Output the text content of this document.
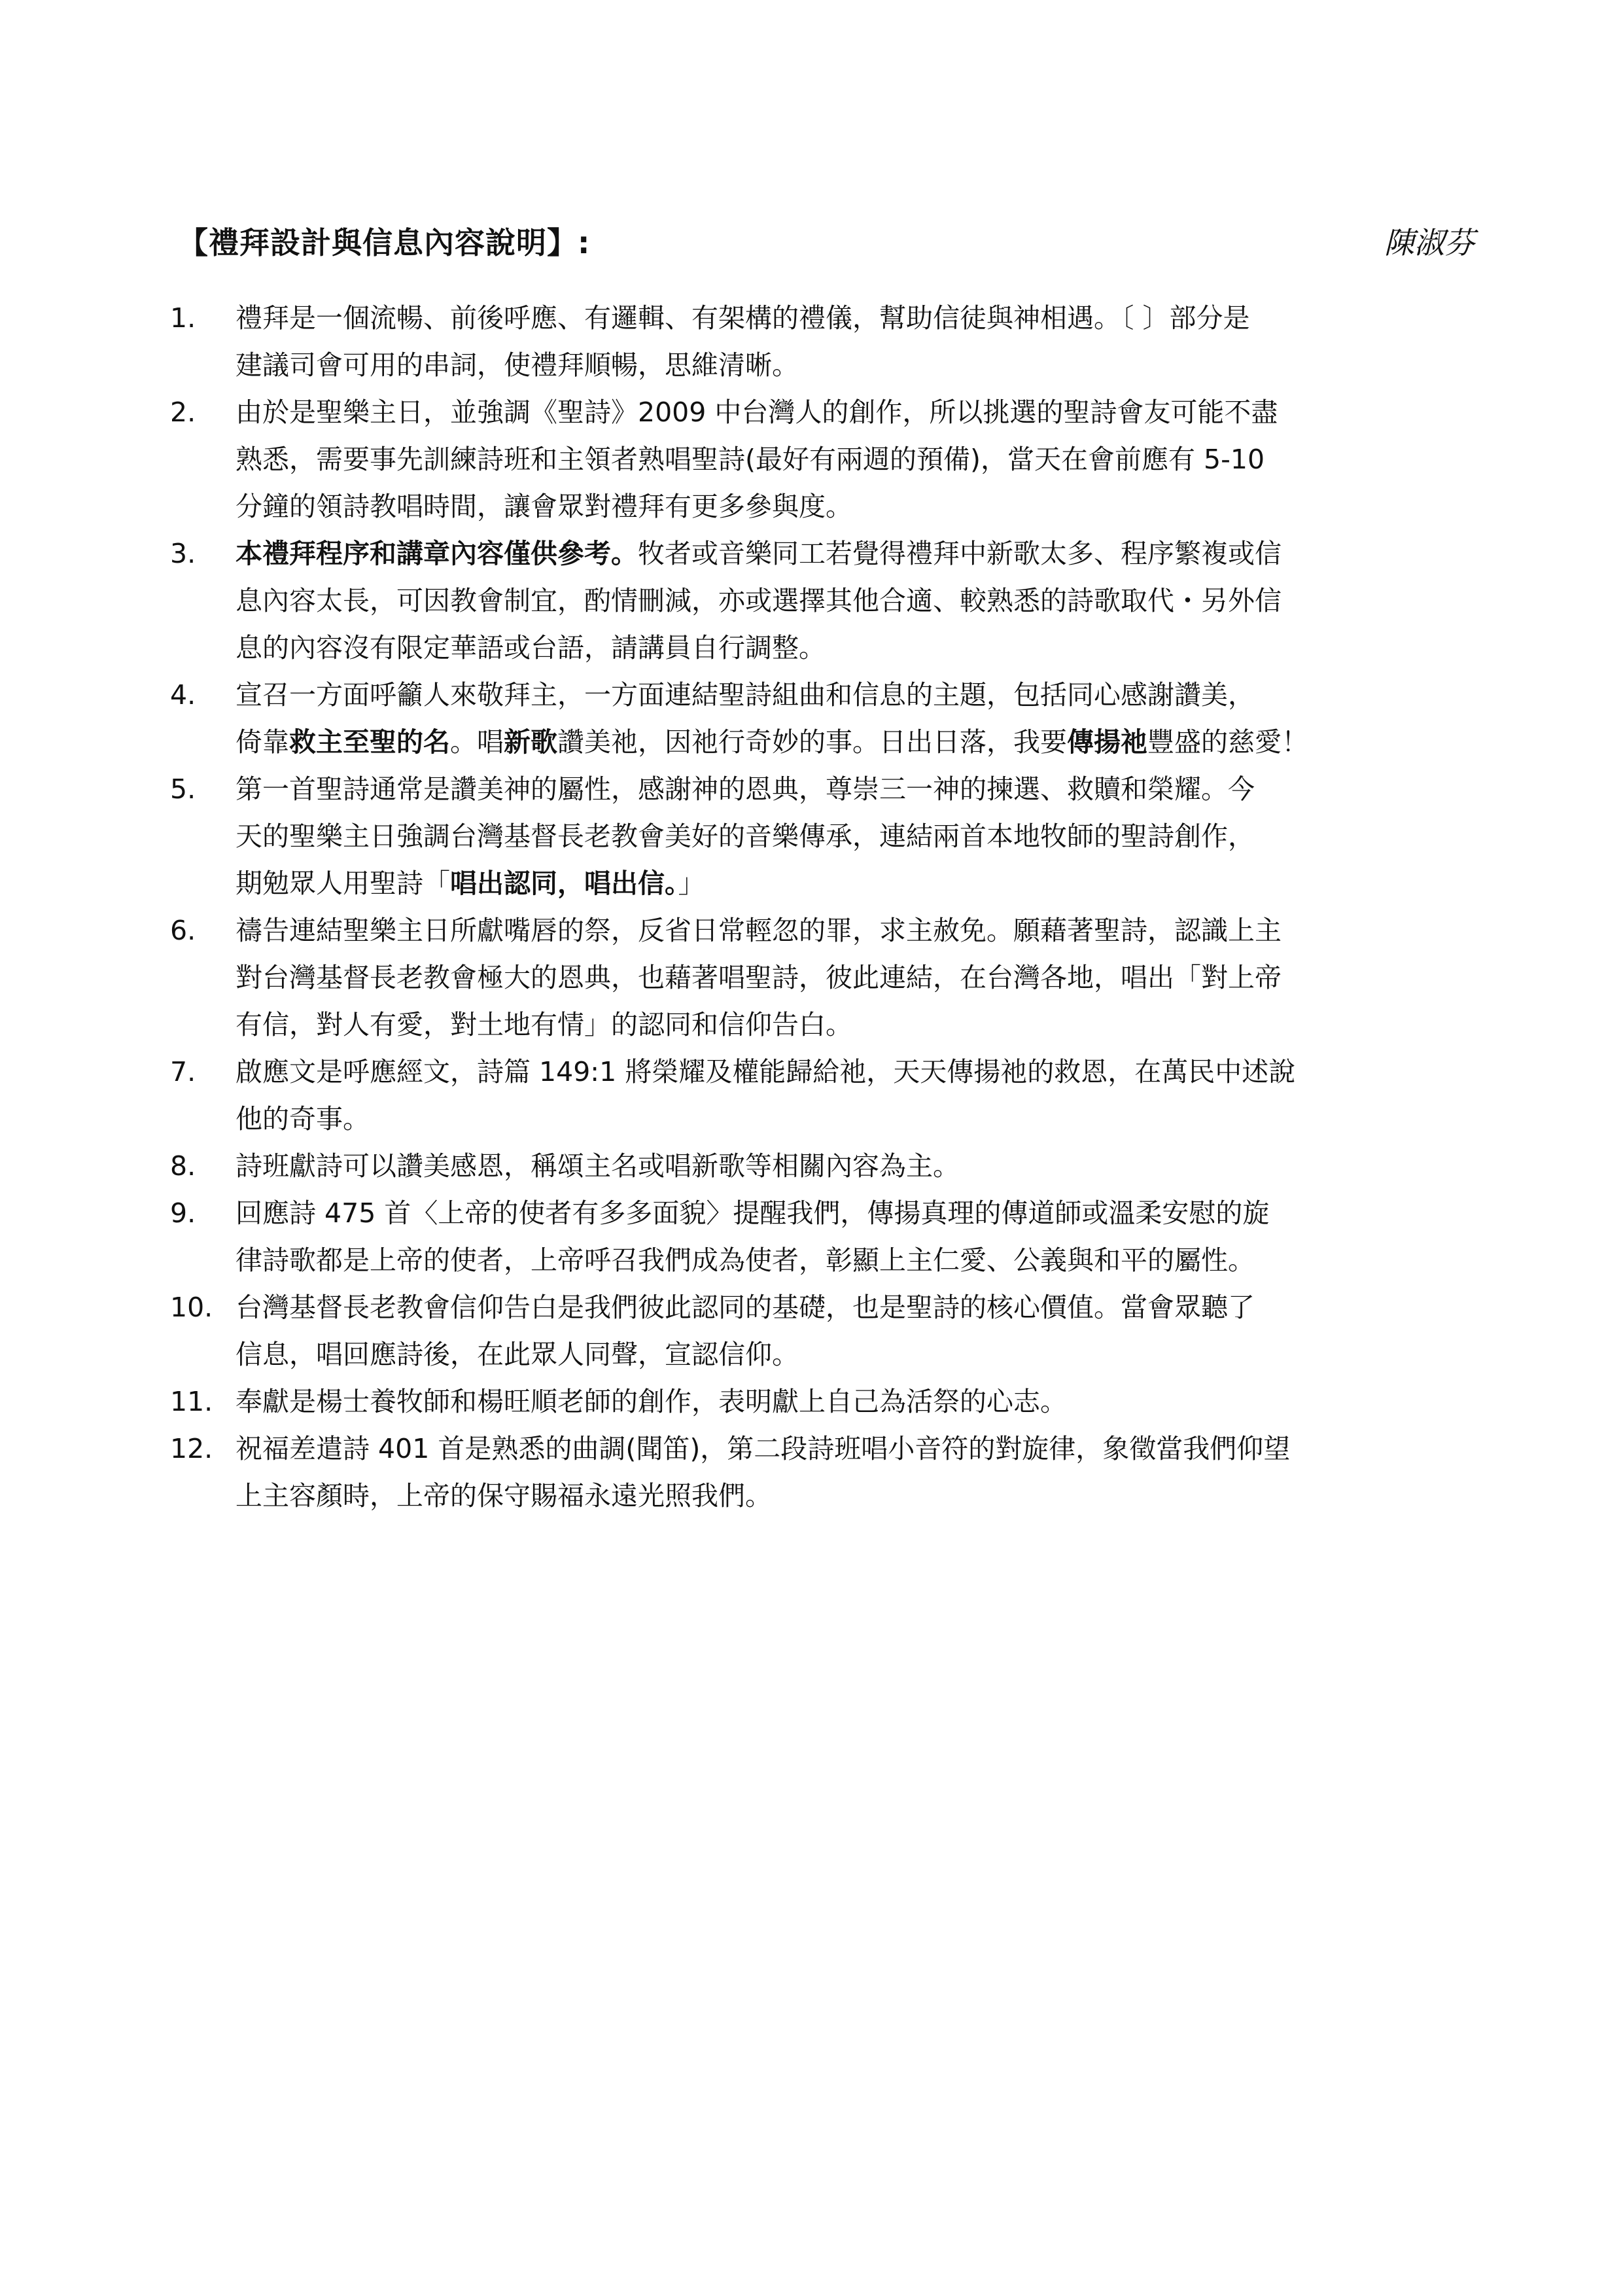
【禮拜設計與信息內容說明】:	陳淑芬
1.	禮拜是一個流暢、前後呼應、有邏輯、有架構的禮儀，幫助信徒與神相遇。〔 〕部分是
建議司會可用的串詞，使禮拜順暢，思維清晰。
2.	由於是聖樂主日，並強調《聖詩》2009 中台灣人的創作，所以挑選的聖詩會友可能不盡
熟悉，需要事先訓練詩班和主領者熟唱聖詩(最好有兩週的預備)，當天在會前應有 5-10
分鐘的領詩教唱時間，讓會眾對禮拜有更多參與度。
3.	本禮拜程序和講章內容僅供參考。牧者或音樂同工若覺得禮拜中新歌太多、程序繁複或信
息內容太長，可因教會制宜，酌情刪減，亦或選擇其他合適、較熟悉的詩歌取代・另外信
息的內容沒有限定華語或台語，請講員自行調整。
4.	宣召一方面呼籲人來敬拜主，一方面連結聖詩組曲和信息的主題，包括同心感謝讚美，
倚靠救主至聖的名。唱新歌讚美祂，因祂行奇妙的事。日出日落，我要傳揚祂豐盛的慈愛！
5.	第一首聖詩通常是讚美神的屬性，感謝神的恩典，尊崇三一神的揀選、救贖和榮耀。今
天的聖樂主日強調台灣基督長老教會美好的音樂傳承，連結兩首本地牧師的聖詩創作，
期勉眾人用聖詩「唱出認同，唱出信。」
6.	禱告連結聖樂主日所獻嘴唇的祭，反省日常輕忽的罪，求主赦免。願藉著聖詩，認識上主
對台灣基督長老教會極大的恩典，也藉著唱聖詩，彼此連結，在台灣各地，唱出「對上帝
有信，對人有愛，對土地有情」的認同和信仰告白。
7.	啟應文是呼應經文，詩篇 149:1 將榮耀及權能歸給祂，天天傳揚祂的救恩，在萬民中述說
他的奇事。
8.	詩班獻詩可以讚美感恩，稱頌主名或唱新歌等相關內容為主。
9.	回應詩 475 首〈上帝的使者有多多面貌〉提醒我們，傳揚真理的傳道師或溫柔安慰的旋
律詩歌都是上帝的使者，上帝呼召我們成為使者，彰顯上主仁愛、公義與和平的屬性。
10. 台灣基督長老教會信仰告白是我們彼此認同的基礎，也是聖詩的核心價值。當會眾聽了
信息，唱回應詩後，在此眾人同聲，宣認信仰。
11. 奉獻是楊士養牧師和楊旺順老師的創作，表明獻上自己為活祭的心志。
12. 祝福差遣詩 401 首是熟悉的曲調(聞笛)，第二段詩班唱小音符的對旋律，象徵當我們仰望
上主容顏時，上帝的保守賜福永遠光照我們。
